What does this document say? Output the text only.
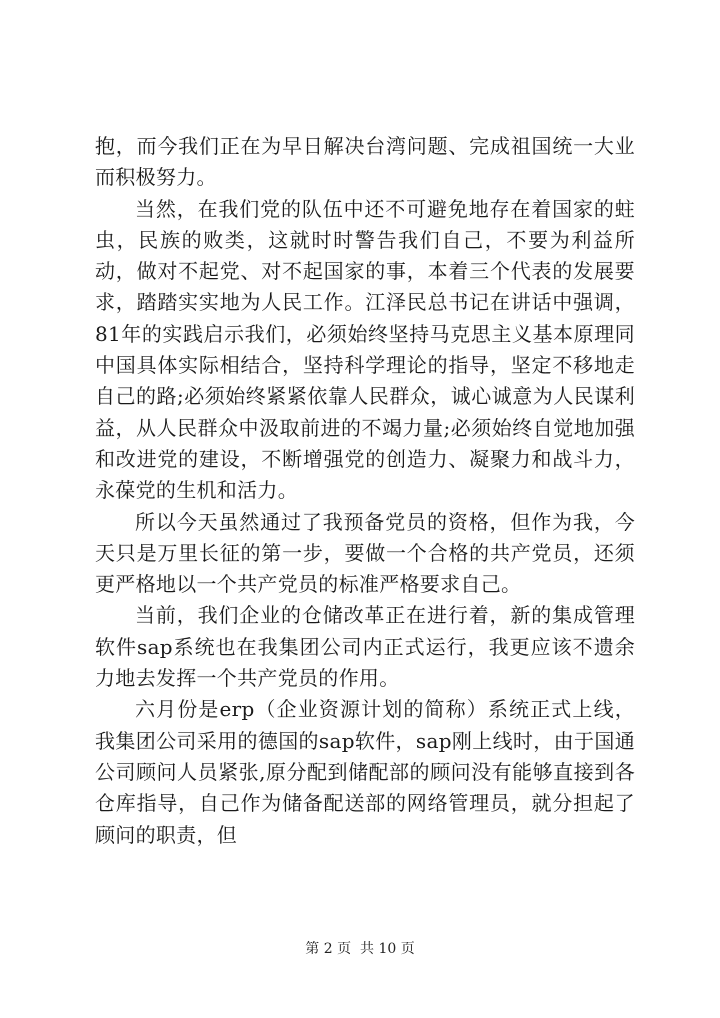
抱，而今我们正在为早日解决台湾问题、完成祖国统一大业而积极努力。

当然，在我们党的队伍中还不可避免地存在着国家的蛀虫，民族的败类，这就时时警告我们自己，不要为利益所动，做对不起党、对不起国家的事，本着三个代表的发展要求，踏踏实实地为人民工作。江泽民总书记在讲话中强调，81年的实践启示我们，必须始终坚持马克思主义基本原理同中国具体实际相结合，坚持科学理论的指导，坚定不移地走自己的路;必须始终紧紧依靠人民群众，诚心诚意为人民谋利益，从人民群众中汲取前进的不竭力量;必须始终自觉地加强和改进党的建设，不断增强党的创造力、凝聚力和战斗力，永葆党的生机和活力。

所以今天虽然通过了我预备党员的资格，但作为我，今天只是万里长征的第一步，要做一个合格的共产党员，还须更严格地以一个共产党员的标准严格要求自己。

当前，我们企业的仓储改革正在进行着，新的集成管理软件sap系统也在我集团公司内正式运行，我更应该不遗余力地去发挥一个共产党员的作用。

六月份是erp（企业资源计划的简称）系统正式上线，我集团公司采用的德国的sap软件，sap刚上线时，由于国通公司顾问人员紧张,原分配到储配部的顾问没有能够直接到各仓库指导，自己作为储备配送部的网络管理员，就分担起了顾问的职责，但

第 2 页  共 10 页
